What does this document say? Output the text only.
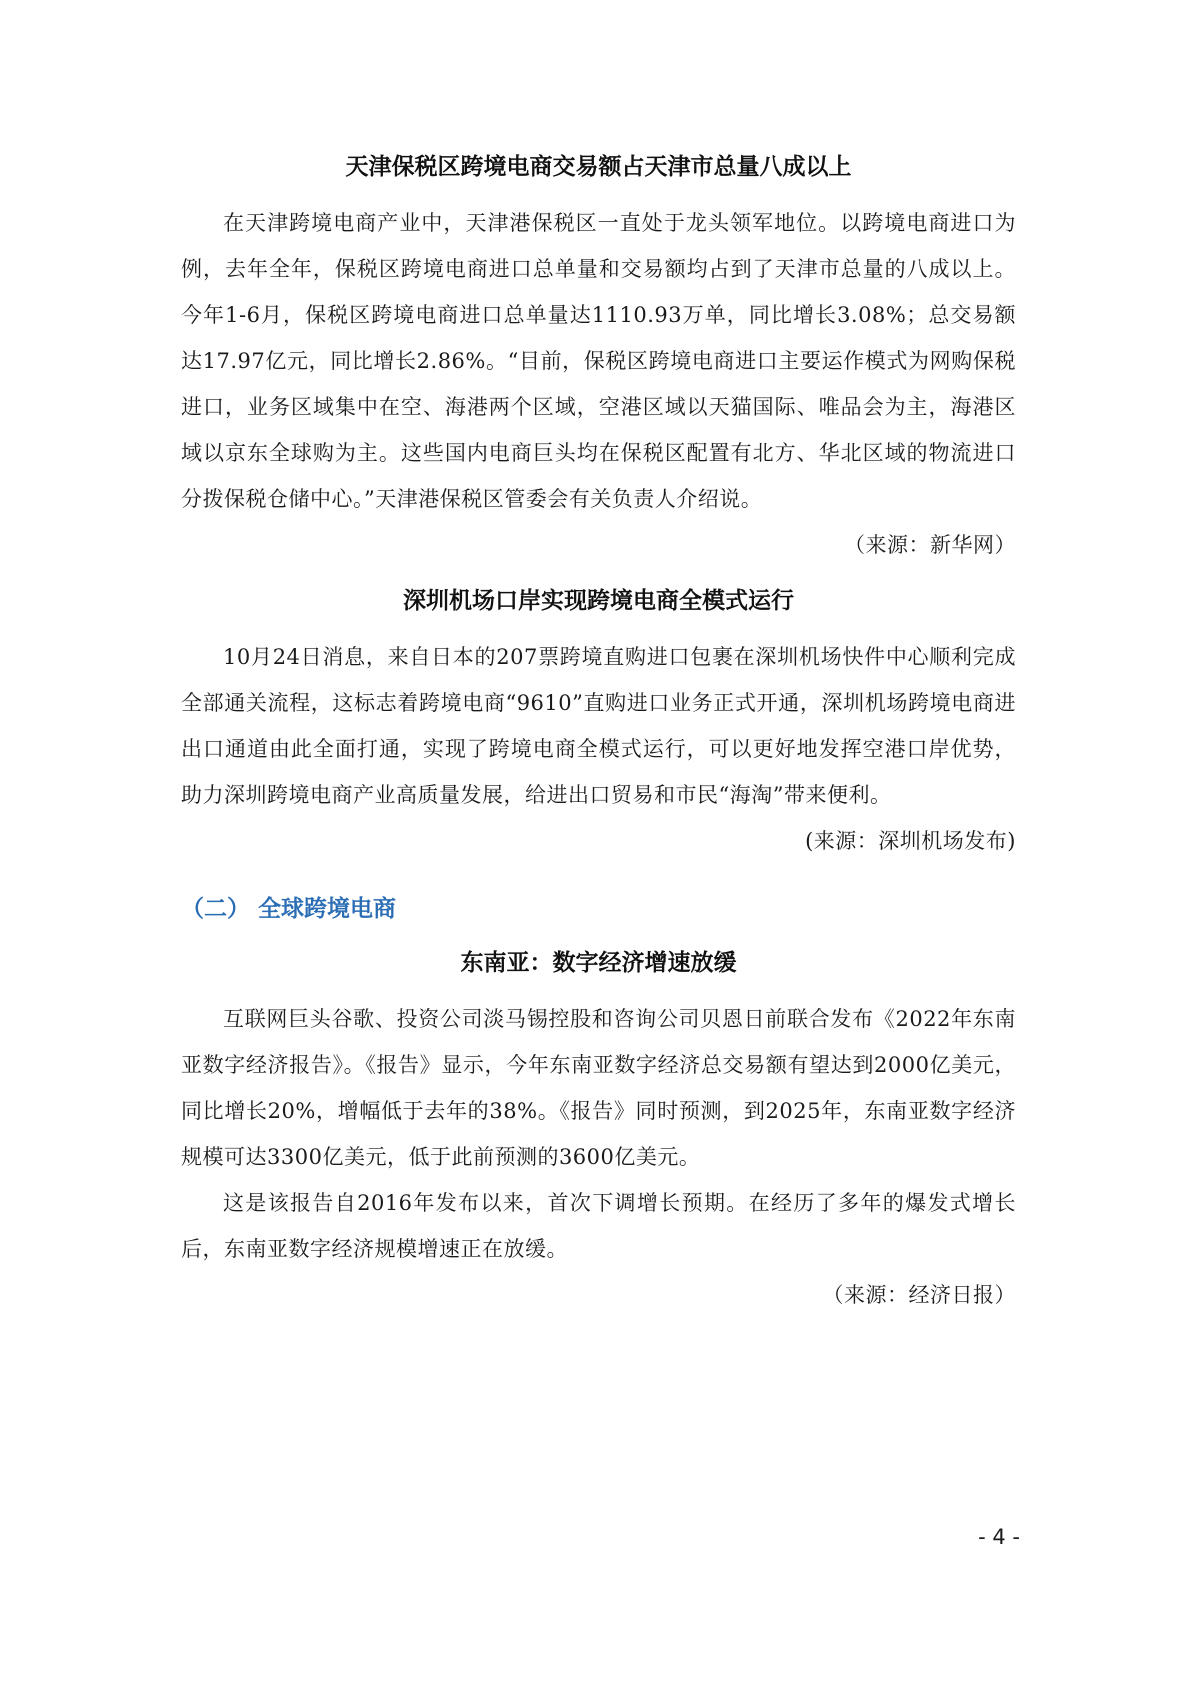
天津保税区跨境电商交易额占天津市总量八成以上

在天津跨境电商产业中，天津港保税区一直处于龙头领军地位。以跨境电商进口为例，去年全年，保税区跨境电商进口总单量和交易额均占到了天津市总量的八成以上。今年1-6月，保税区跨境电商进口总单量达1110.93万单，同比增长3.08%；总交易额达17.97亿元，同比增长2.86%。“目前，保税区跨境电商进口主要运作模式为网购保税进口，业务区域集中在空、海港两个区域，空港区域以天猫国际、唯品会为主，海港区域以京东全球购为主。这些国内电商巨头均在保税区配置有北方、华北区域的物流进口分拨保税仓储中心。”天津港保税区管委会有关负责人介绍说。

（来源：新华网）
深圳机场口岸实现跨境电商全模式运行

10月24日消息，来自日本的207票跨境直购进口包裹在深圳机场快件中心顺利完成全部通关流程，这标志着跨境电商“9610”直购进口业务正式开通，深圳机场跨境电商进出口通道由此全面打通，实现了跨境电商全模式运行，可以更好地发挥空港口岸优势，助力深圳跨境电商产业高质量发展，给进出口贸易和市民“海淘”带来便利。

(来源：深圳机场发布)
（二） 全球跨境电商
东南亚：数字经济增速放缓

互联网巨头谷歌、投资公司淡马锡控股和咨询公司贝恩日前联合发布《2022年东南亚数字经济报告》。《报告》显示，今年东南亚数字经济总交易额有望达到2000亿美元，同比增长20%，增幅低于去年的38%。《报告》同时预测，到2025年，东南亚数字经济规模可达3300亿美元，低于此前预测的3600亿美元。

这是该报告自2016年发布以来，首次下调增长预期。在经历了多年的爆发式增长后，东南亚数字经济规模增速正在放缓。

（来源：经济日报）
- 4 -
